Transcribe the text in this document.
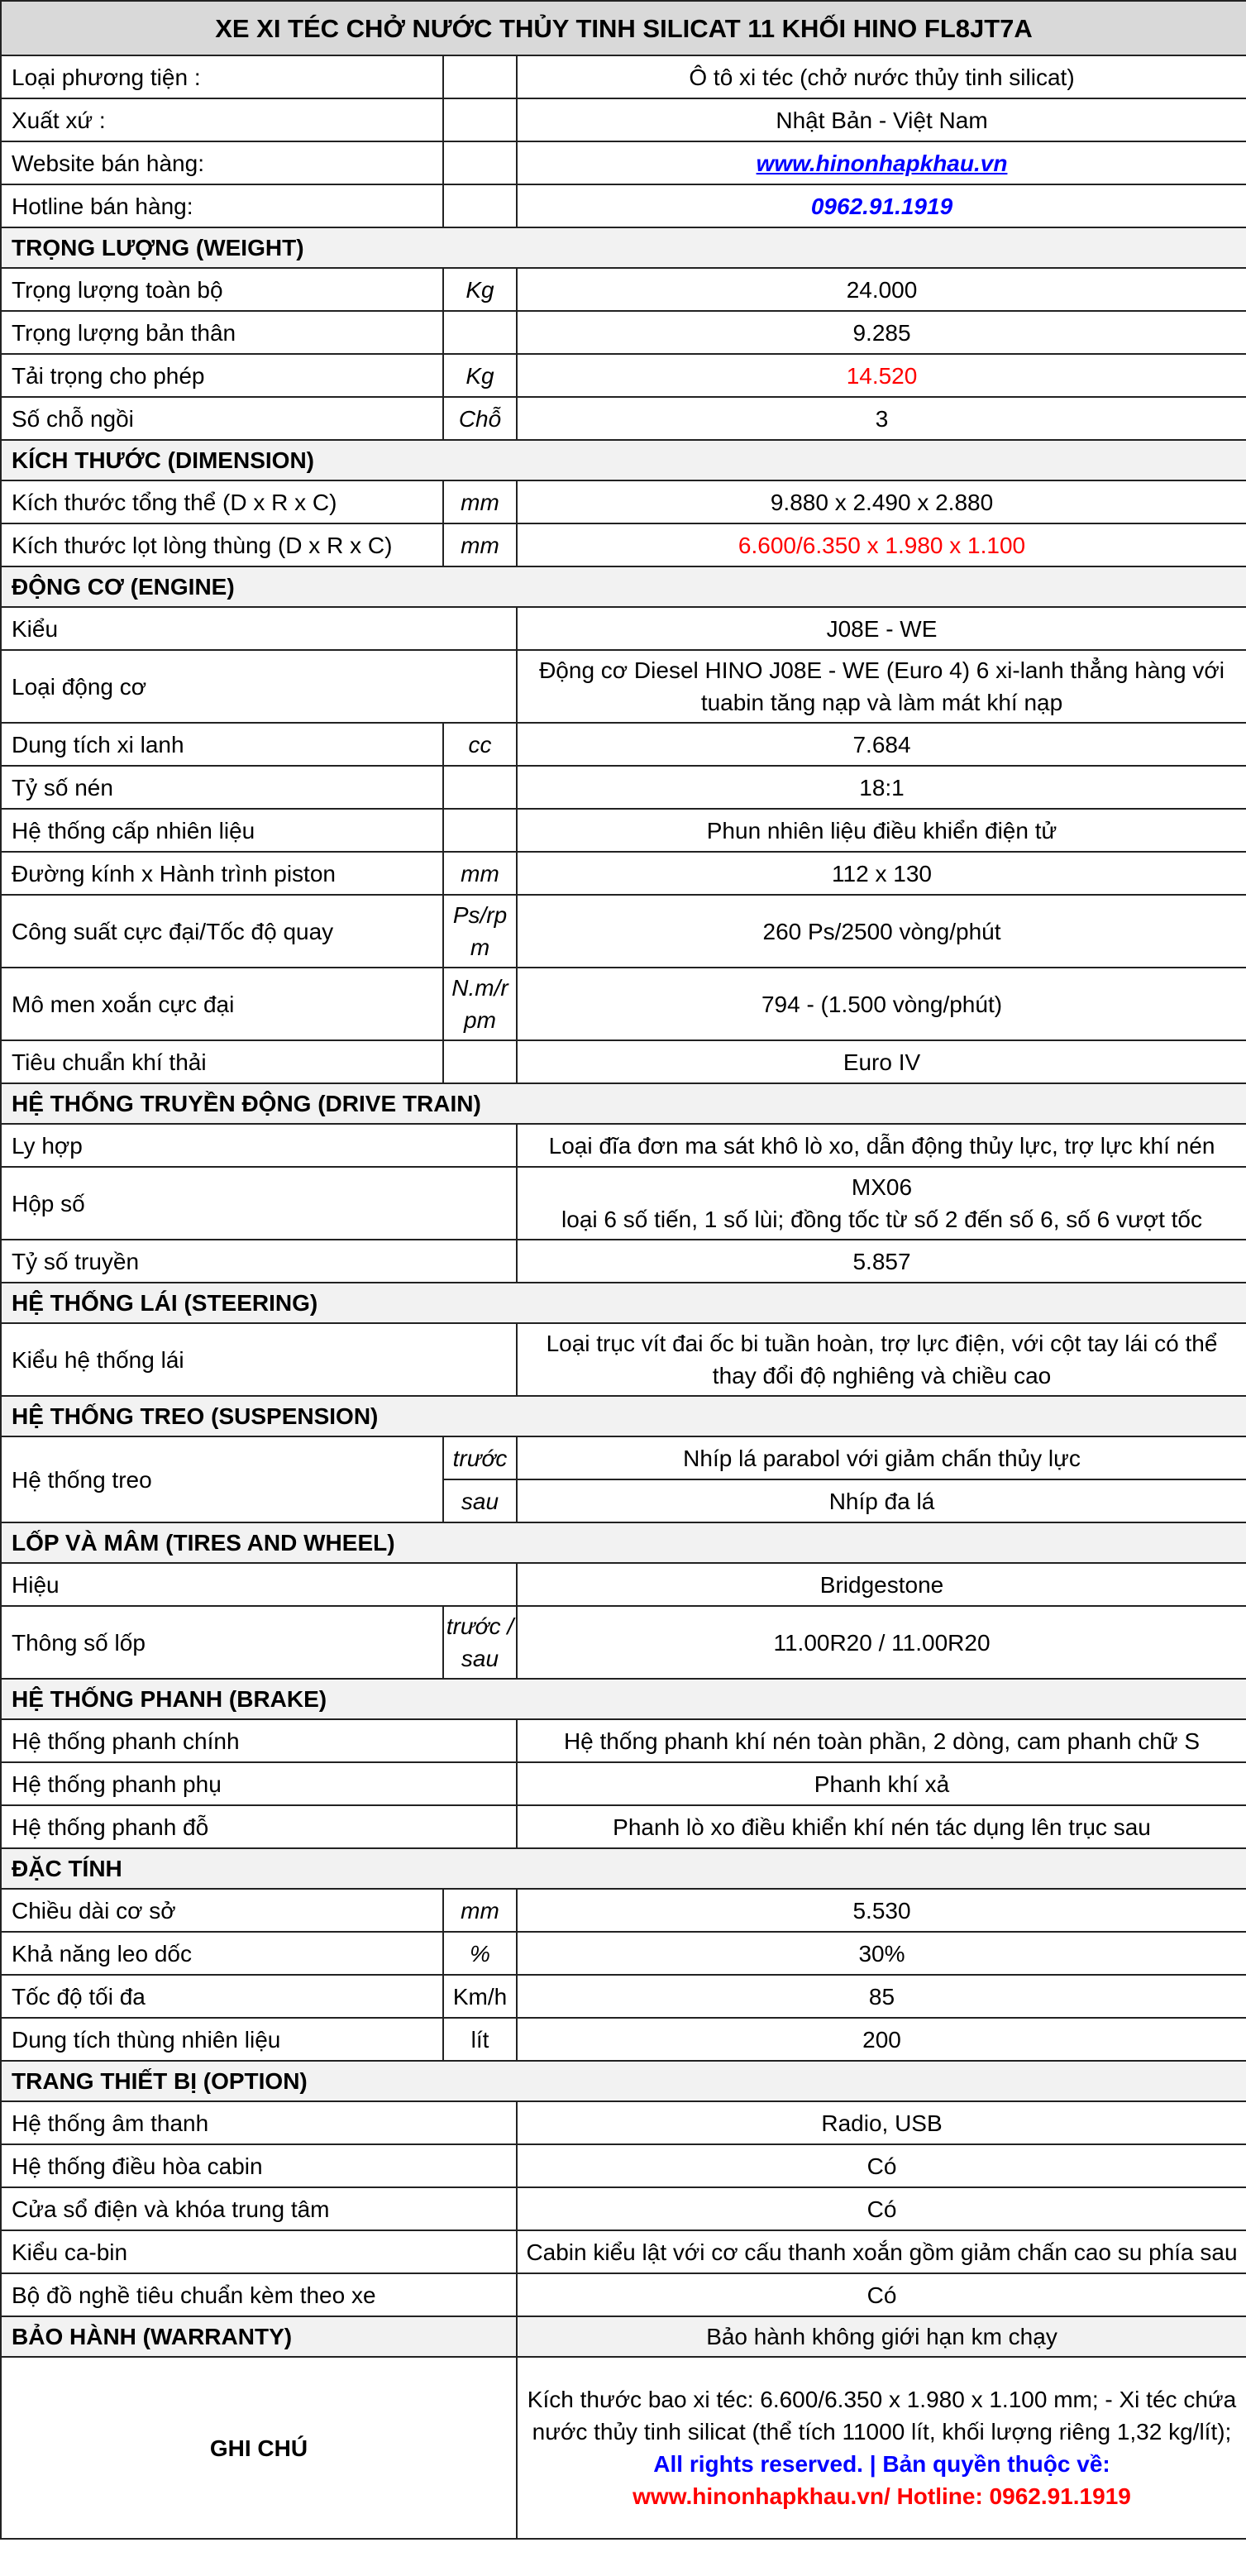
XE XI TÉC CHỞ NƯỚC THỦY TINH SILICAT 11 KHỐI HINO FL8JT7A		
Loại phương tiện :		Ô tô xi téc (chở nước thủy tinh silicat)
Xuất xứ :		Nhật Bản - Việt Nam
Website bán hàng:		www.hinonhapkhau.vn
Hotline bán hàng:		0962.91.1919
TRỌNG LƯỢNG (WEIGHT)		
Trọng lượng toàn bộ	Kg	24.000
Trọng lượng bản thân		9.285
Tải trọng cho phép	Kg	14.520
Số chỗ ngồi	Chỗ	3
KÍCH THƯỚC (DIMENSION)		
Kích thước tổng thể (D x R x C)	mm	9.880 x 2.490 x 2.880
Kích thước lọt lòng thùng (D x R x C)	mm	6.600/6.350 x 1.980 x 1.100
ĐỘNG CƠ (ENGINE)		
Kiểu		J08E - WE
Loại động cơ		Động cơ Diesel HINO J08E - WE (Euro 4) 6 xi-lanh thẳng hàng với tuabin tăng nạp và làm mát khí nạp
Dung tích xi lanh	cc	7.684
Tỷ số nén		18:1
Hệ thống cấp nhiên liệu		Phun nhiên liệu điều khiển điện tử
Đường kính x Hành trình piston	mm	112 x 130
Công suất cực đại/Tốc độ quay	Ps/rpm	260 Ps/2500 vòng/phút
Mô men xoắn cực đại	N.m/rpm	794 - (1.500 vòng/phút)
Tiêu chuẩn khí thải		Euro IV
HỆ THỐNG TRUYỀN ĐỘNG (DRIVE TRAIN)		
Ly hợp		Loại đĩa đơn ma sát khô lò xo, dẫn động thủy lực, trợ lực khí nén
Hộp số		MX06
loại 6 số tiến, 1 số lùi; đồng tốc từ số 2 đến số 6, số 6 vượt tốc
Tỷ số truyền		5.857
HỆ THỐNG LÁI (STEERING)		
Kiểu hệ thống lái		Loại trục vít đai ốc bi tuần hoàn, trợ lực điện, với cột tay lái có thể thay đổi độ nghiêng và chiều cao
HỆ THỐNG TREO (SUSPENSION)		
Hệ thống treo	trước	Nhíp lá parabol với giảm chấn thủy lực
	sau	Nhíp đa lá
LỐP VÀ MÂM (TIRES AND WHEEL)		
Hiệu		Bridgestone
Thông số lốp	trước /sau	11.00R20 / 11.00R20
HỆ THỐNG PHANH (BRAKE)		
Hệ thống phanh chính		Hệ thống phanh khí nén toàn phần, 2 dòng, cam phanh chữ S
Hệ thống phanh phụ		Phanh khí xả
Hệ thống phanh đỗ		Phanh lò xo điều khiển khí nén tác dụng lên trục sau
ĐẶC TÍNH		
Chiều dài cơ sở	mm	5.530
Khả năng leo dốc	%	30%
Tốc độ tối đa	Km/h	85
Dung tích thùng nhiên liệu	lít	200
TRANG THIẾT BỊ (OPTION)		
Hệ thống âm thanh		Radio, USB
Hệ thống điều hòa cabin		Có
Cửa sổ điện và khóa trung tâm		Có
Kiểu ca-bin		Cabin kiểu lật với cơ cấu thanh xoắn gồm giảm chấn cao su phía sau
Bộ đồ nghề tiêu chuẩn kèm theo xe		Có
BẢO HÀNH (WARRANTY)		Bảo hành không giới hạn km chạy
GHI CHÚ		Kích thước bao xi téc: 6.600/6.350 x 1.980 x 1.100 mm; - Xi téc chứa nước thủy tinh silicat (thể tích 11000 lít, khối lượng riêng 1,32 kg/lít);
All rights reserved. | Bản quyền thuộc về:
www.hinonhapkhau.vn/ Hotline: 0962.91.1919
